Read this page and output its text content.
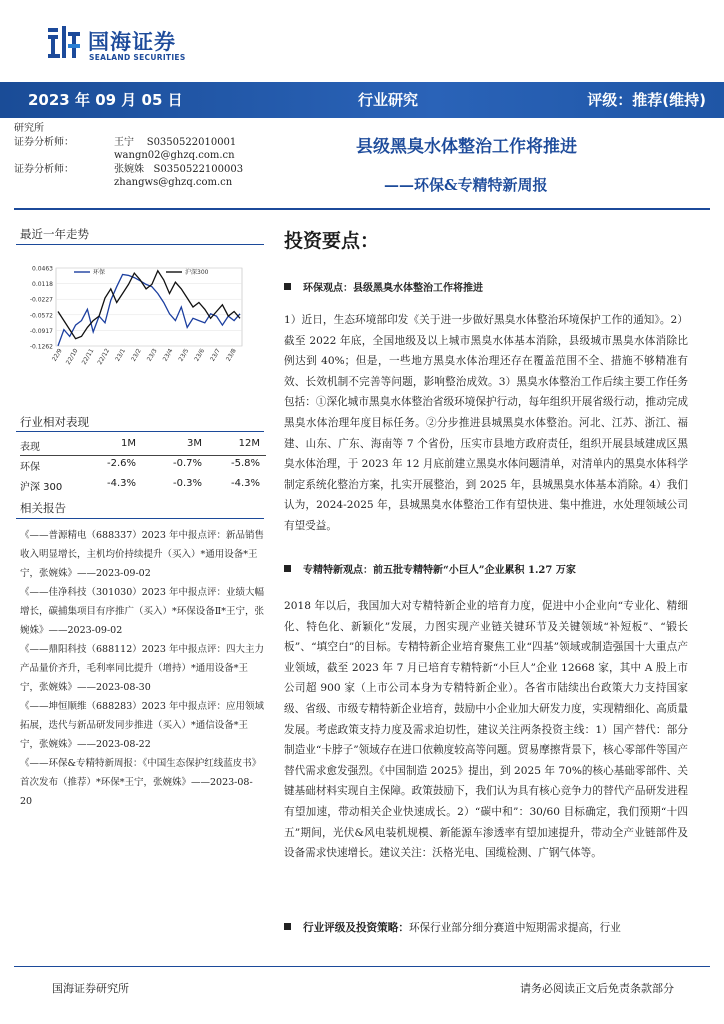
国海证券
SEALAND SECURITIES
2023 年 09 月 05 日	行业研究	评级：推荐(维持)
研究所
证券分析师：	王宁 S0350522010001
wangn02@ghzq.com.cn
证券分析师：	张婉姝 S0350522100003
zhangws@ghzq.com.cn
县级黑臭水体整治工作将推进
——环保&专精特新周报
最近一年走势
0.0463
0.0118
-0.0227
-0.0572
-0.0917
-0.1262
22/9 22/10 22/11 22/12 23/1 23/2 23/3 23/4 23/5 23/6 23/7 23/8
环保	沪深300
行业相对表现
表现	1M	3M	12M
环保	-2.6%	-0.7%	-5.8%
沪深 300	-4.3%	-0.3%	-4.3%
相关报告
《——普源精电（688337）2023 年中报点评：新品销售收入明显增长，主机均价持续提升（买入）*通用设备*王宁，张婉姝》——2023-09-02
《——佳净科技（301030）2023 年中报点评：业绩大幅增长，碳捕集项目有序推广（买入）*环保设备Ⅱ*王宁，张婉姝》——2023-09-02
《——鼎阳科技（688112）2023 年中报点评：四大主力产品量价齐升，毛利率同比提升（增持）*通用设备*王宁，张婉姝》——2023-08-30
《——坤恒顺维（688283）2023 年中报点评：应用领域拓展，迭代与新品研发同步推进（买入）*通信设备*王宁，张婉姝》——2023-08-22
《——环保&专精特新周报：《中国生态保护红线蓝皮书》首次发布（推荐）*环保*王宁，张婉姝》——2023-08-20
投资要点：
环保观点：县级黑臭水体整治工作将推进
1）近日，生态环境部印发《关于进一步做好黑臭水体整治环境保护工作的通知》。2）截至 2022 年底，全国地级及以上城市黑臭水体基本消除，县级城市黑臭水体消除比例达到 40%；但是，一些地方黑臭水体治理还存在覆盖范围不全、措施不够精准有效、长效机制不完善等问题，影响整治成效。3）黑臭水体整治工作后续主要工作任务包括：①深化城市黑臭水体整治省级环境保护行动，每年组织开展省级行动，推动完成黑臭水体治理年度目标任务。②分步推进县城黑臭水体整治。河北、江苏、浙江、福建、山东、广东、海南等 7 个省份，压实市县地方政府责任，组织开展县域建成区黑臭水体治理，于 2023 年 12 月底前建立黑臭水体问题清单，对清单内的黑臭水体科学制定系统化整治方案，扎实开展整治，到 2025 年，县城黑臭水体基本消除。4）我们认为，2024-2025 年，县城黑臭水体整治工作有望快进、集中推进，水处理领域公司有望受益。
专精特新观点：前五批专精特新“小巨人”企业累积 1.27 万家
2018 年以后，我国加大对专精特新企业的培育力度，促进中小企业向“专业化、精细化、特色化、新颖化”发展，力图实现产业链关键环节及关键领域“补短板”、“锻长板”、“填空白”的目标。专精特新企业培育聚焦工业“四基”领域或制造强国十大重点产业领域，截至 2023 年 7 月已培育专精特新“小巨人”企业 12668 家，其中 A 股上市公司超 900 家（上市公司本身为专精特新企业）。各省市陆续出台政策大力支持国家级、省级、市级专精特新企业培育，鼓励中小企业加大研发力度，实现精细化、高质量发展。考虑政策支持力度及需求迫切性，建议关注两条投资主线：1）国产替代：部分制造业“卡脖子”领域存在进口依赖度较高等问题。贸易摩擦背景下，核心零部件等国产替代需求愈发强烈。《中国制造 2025》提出，到 2025 年 70%的核心基础零部件、关键基础材料实现自主保障。政策鼓励下，我们认为具有核心竞争力的替代产品研发进程有望加速，带动相关企业快速成长。2）“碳中和”：30/60 目标确定，我们预期“十四五”期间，光伏&风电装机规模、新能源车渗透率有望加速提升，带动全产业链部件及设备需求快速增长。建议关注：沃格光电、国缆检测、广钢气体等。
行业评级及投资策略：环保行业部分细分赛道中短期需求提高，行业
国海证券研究所	请务必阅读正文后免责条款部分
